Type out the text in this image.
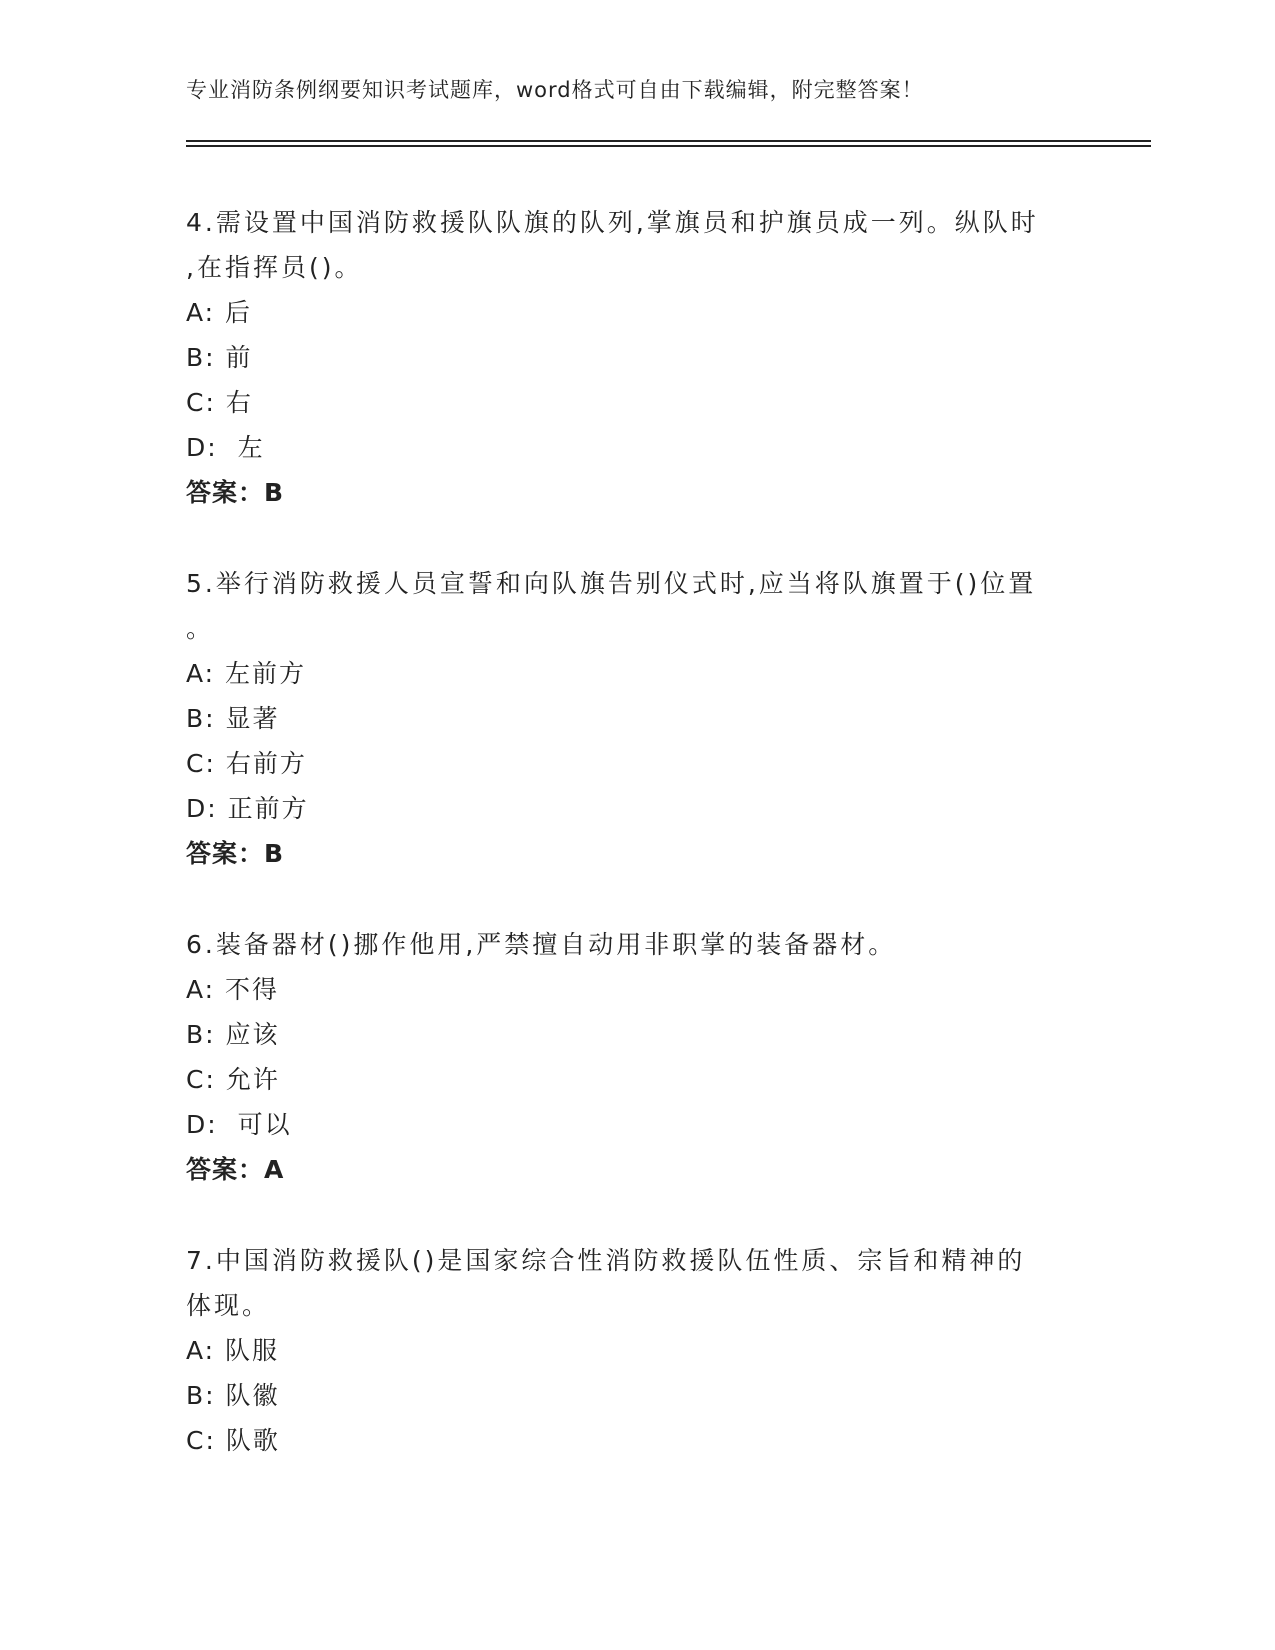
专业消防条例纲要知识考试题库，word格式可自由下载编辑，附完整答案！
4.需设置中国消防救援队队旗的队列,掌旗员和护旗员成一列。纵队时
,在指挥员()。
A: 后
B: 前
C: 右
D:  左
答案：B
5.举行消防救援人员宣誓和向队旗告别仪式时,应当将队旗置于()位置
。
A: 左前方
B: 显著
C: 右前方
D: 正前方
答案：B
6.装备器材()挪作他用,严禁擅自动用非职掌的装备器材。
A: 不得
B: 应该
C: 允许
D:  可以
答案：A
7.中国消防救援队()是国家综合性消防救援队伍性质、宗旨和精神的
体现。
A: 队服
B: 队徽
C: 队歌
